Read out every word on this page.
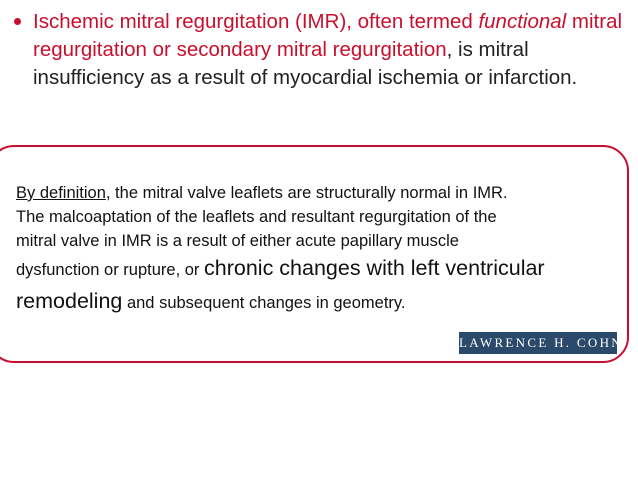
Ischemic mitral regurgitation (IMR), often termed functional mitral regurgitation or secondary mitral regurgitation, is mitral insufficiency as a result of myocardial ischemia or infarction.
By definition, the mitral valve leaflets are structurally normal in IMR.
The malcoaptation of the leaflets and resultant regurgitation of the
mitral valve in IMR is a result of either acute papillary muscle
dysfunction or rupture, or chronic changes with left ventricular
remodeling and subsequent changes in geometry.
LAWRENCE H. COHN
